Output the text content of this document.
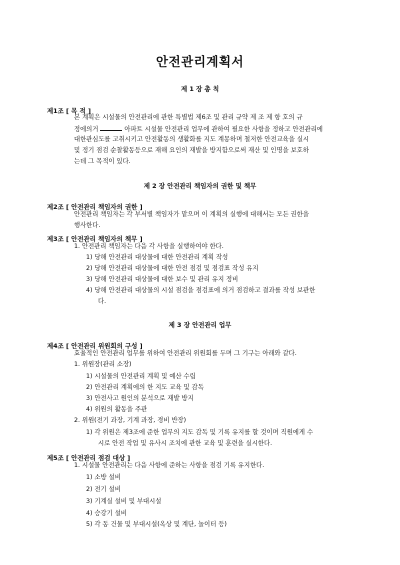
안전관리계획서
제 1 장 총 칙
제1조 [ 목 적 ]
본 계획은 시설물의 안전관리에 관한 특별법 제6조 및 관리 규약 제 조 제 항 호의 규
정에의거	아파트 시설물 안전관리 업무에 관하여 필요한 사항을 정하고 안전관리에
대한관심도를 고취시키고 안전활동의 생활화를 지도 계몽하며 철저한 안전교육을 실시
및 정기 점검 순찰활동등으로 재해 요인의 재발을 방지함으로써 재산 및 인명을 보호하
는데 그 목적이 있다.
제 2 장 안전관리 책임자의 권한 및 책무
제2조 [ 안전관리 책임자의 권한 ]
안전관리 책임자는 각 부서별 책임자가 맡으며 이 계획의 실행에 대해서는 모든 권한을
행사한다.
제3조 [ 안전관리 책임자의 책무 ]
1. 안전관리 책임자는 다음 각 사항을 실행하여야 한다.
1) 당해 안전관리 대상물에 대한 안전관리 계획 작성
2) 당해 안전관리 대상물에 대한 안전 점검 및 점검표 작성 유지
3) 당해 안전관리 대상물에 대한 보수 및 관리 유지 정비
4) 당해 안전관리 대상물의 시설 점검을 점검표에 의거 점검하고 결과를 작성 보관한
다.
제 3 장 안전관리 업무
제4조 [ 안전관리 위원회의 구성 ]
효율적인 안전관리 업무를 위하여 안전관리 위원회를 두며 그 기구는 아래와 같다.
1. 위원장(관리 소장)
1) 시설물의 안전관리 계획 및 예산 수립
2) 안전관리 계획에의 한 지도 교육 및 감독
3) 안전사고 원인의 분석으로 재발 방지
4) 위원의 활동을 주관
2. 위원(전기 과장, 기계 과장, 경비 반장)
1) 각 위원은 제3조에 준한 업무의 지도 감독 및 기록 유지를 할 것이며 직원에게 수
시로 안전 작업 및 유사시 조치에 관한 교육 및 훈련을 실시한다.
제5조 [ 안전관리 점검 대상 ]
1. 시설물 안전관리는 다음 사항에 준하는 사항을 점검 기록 유지한다.
1) 소방 설비
2) 전기 설비
3) 기계실 설비 및 부대시설
4) 승강기 설비
5) 각 동 건물 및 부대시설(옥상 및 계단, 놀이터 등)
